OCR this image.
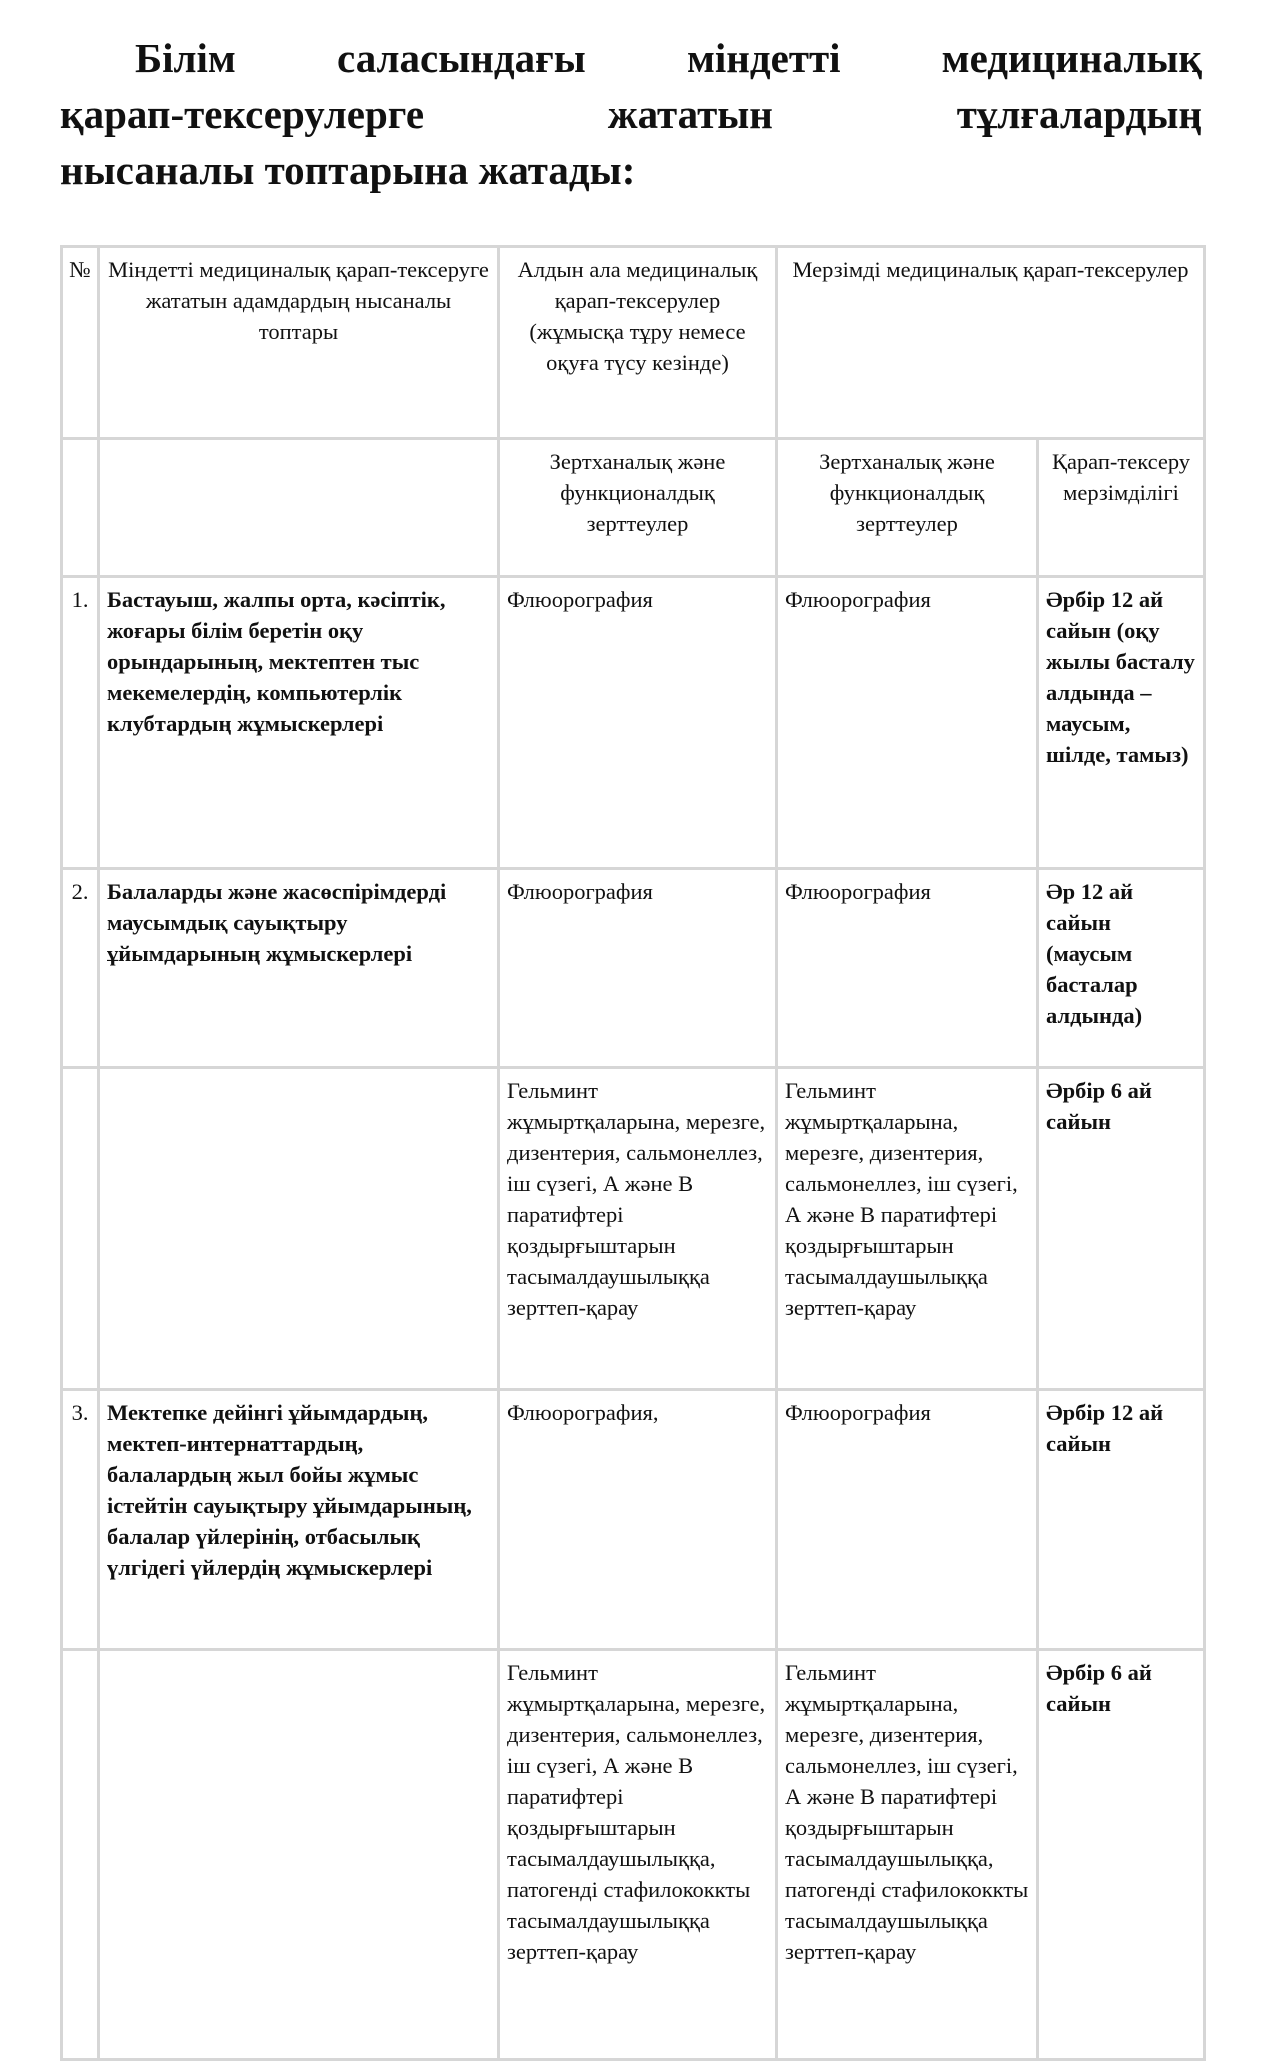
Білім саласындағы міндетті медициналық
қарап-тексерулерге	жататын	тұлғалардың
нысаналы топтарына жатады:
№	Міндетті медициналық қарап-тексеруге жататын адамдардың нысаналы топтары	Алдын ала медициналық қарап-тексерулер (жұмысқа тұру немесе оқуға түсу кезінде)	Мерзімді медициналық қарап-тексерулер	
		Зертханалық және функционалдық зерттеулер	Зертханалық және функционалдық зерттеулер	Қарап-тексеру мерзімділігі
1.	Бастауыш, жалпы орта, кәсіптік, жоғары білім беретін оқу орындарының, мектептен тыс мекемелердің, компьютерлік клубтардың жұмыскерлері	Флюорография	Флюорография	Әрбір 12 ай сайын (оқу жылы басталу алдында – маусым, шілде, тамыз)
2.	Балаларды және жасөспірімдерді маусымдық сауықтыру ұйымдарының жұмыскерлері	Флюорография	Флюорография	Әр 12 ай сайын (маусым басталар алдында)
		Гельминт жұмыртқаларына, мерезге, дизентерия, сальмонеллез, іш сүзегі, А және В паратифтері қоздырғыштарын тасымалдаушылыққа зерттеп-қарау	Гельминт жұмыртқаларына, мерезге, дизентерия, сальмонеллез, іш сүзегі, А және В паратифтері қоздырғыштарын тасымалдаушылыққа зерттеп-қарау	Әрбір 6 ай сайын
3.	Мектепке дейінгі ұйымдардың, мектеп-интернаттардың, балалардың жыл бойы жұмыс істейтін сауықтыру ұйымдарының, балалар үйлерінің, отбасылық үлгідегі үйлердің жұмыскерлері	Флюорография,	Флюорография	Әрбір 12 ай сайын
		Гельминт жұмыртқаларына, мерезге, дизентерия, сальмонеллез, іш сүзегі, А және В паратифтері қоздырғыштарын тасымалдаушылыққа, патогенді стафилококкты тасымалдаушылыққа зерттеп-қарау	Гельминт жұмыртқаларына, мерезге, дизентерия, сальмонеллез, іш сүзегі, А және В паратифтері қоздырғыштарын тасымалдаушылыққа, патогенді стафилококкты тасымалдаушылыққа зерттеп-қарау	Әрбір 6 ай сайын
